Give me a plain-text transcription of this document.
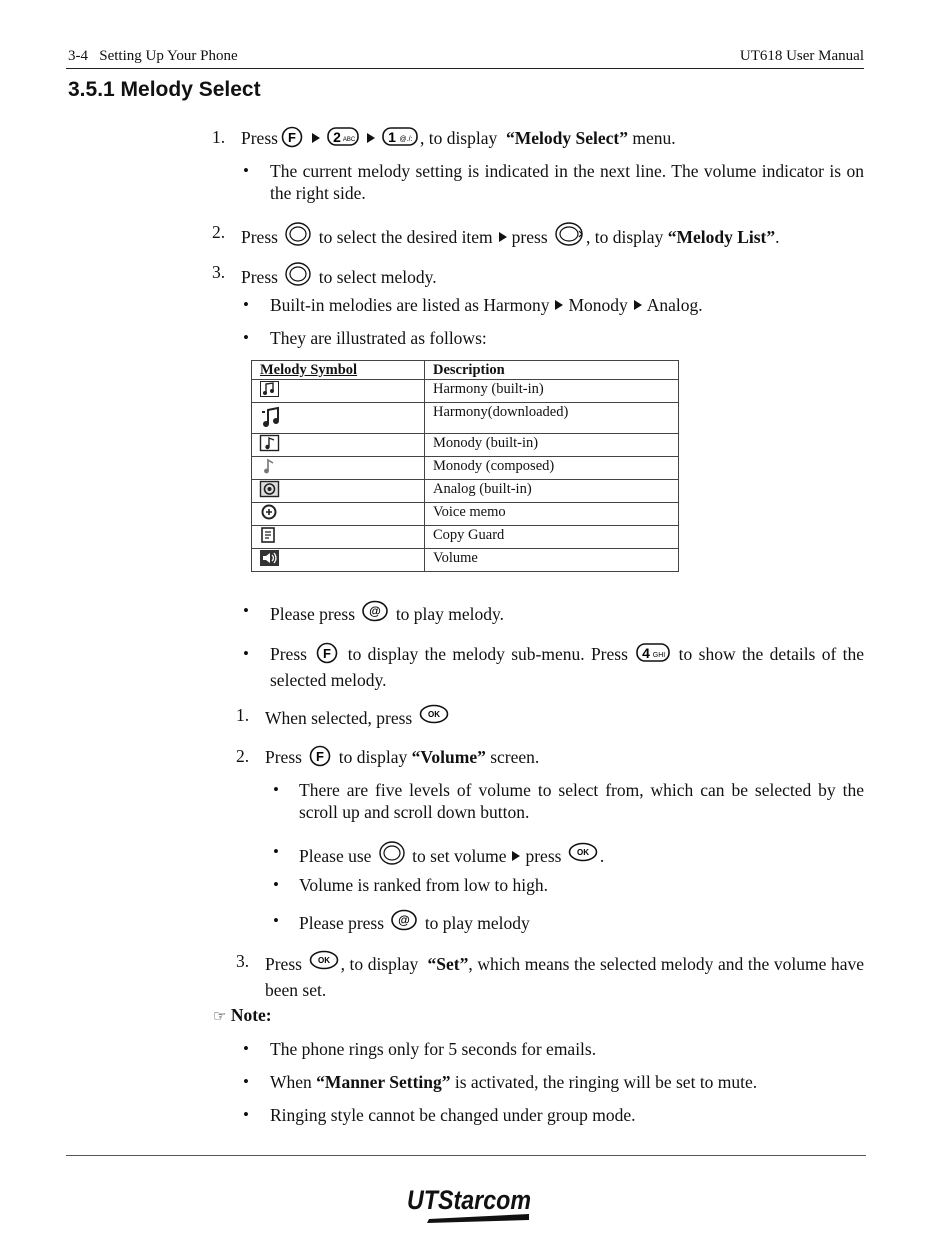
3-4   Setting Up Your Phone	UT618 User Manual
3.5.1 Melody Select
1. Press F	2 ABC 1 @./: , to display “Melody Select” menu.
• The current melody setting is indicated in the next line. The volume indicator is on the right side.
2. Press to select the desired item press , to display “Melody List”.
3. Press to select melody.
• Built-in melodies are listed as Harmony Monody Analog.
• They are illustrated as follows:
Melody Symbol	Description
	Harmony (built-in)
	Harmony(downloaded)
	Monody (built-in)
	Monody (composed)
	Analog (built-in)
	Voice memo
	Copy Guard
	Volume
• Please press @ to play melody.
• Press F to display the melody sub-menu. Press 4 GHI to show the details of the selected melody.
1. When selected, press OK
2. Press F to display “Volume” screen.
• There are five levels of volume to select from, which can be selected by the scroll up and scroll down button.
• Please use to set volume press OK .
• Volume is ranked from low to high.
• Please press @ to play melody
3. Press OK , to display “Set”, which means the selected melody and the volume have been set.
☞ Note:
• The phone rings only for 5 seconds for emails.
• When “Manner Setting” is activated, the ringing will be set to mute.
• Ringing style cannot be changed under group mode.
UTStarcom
